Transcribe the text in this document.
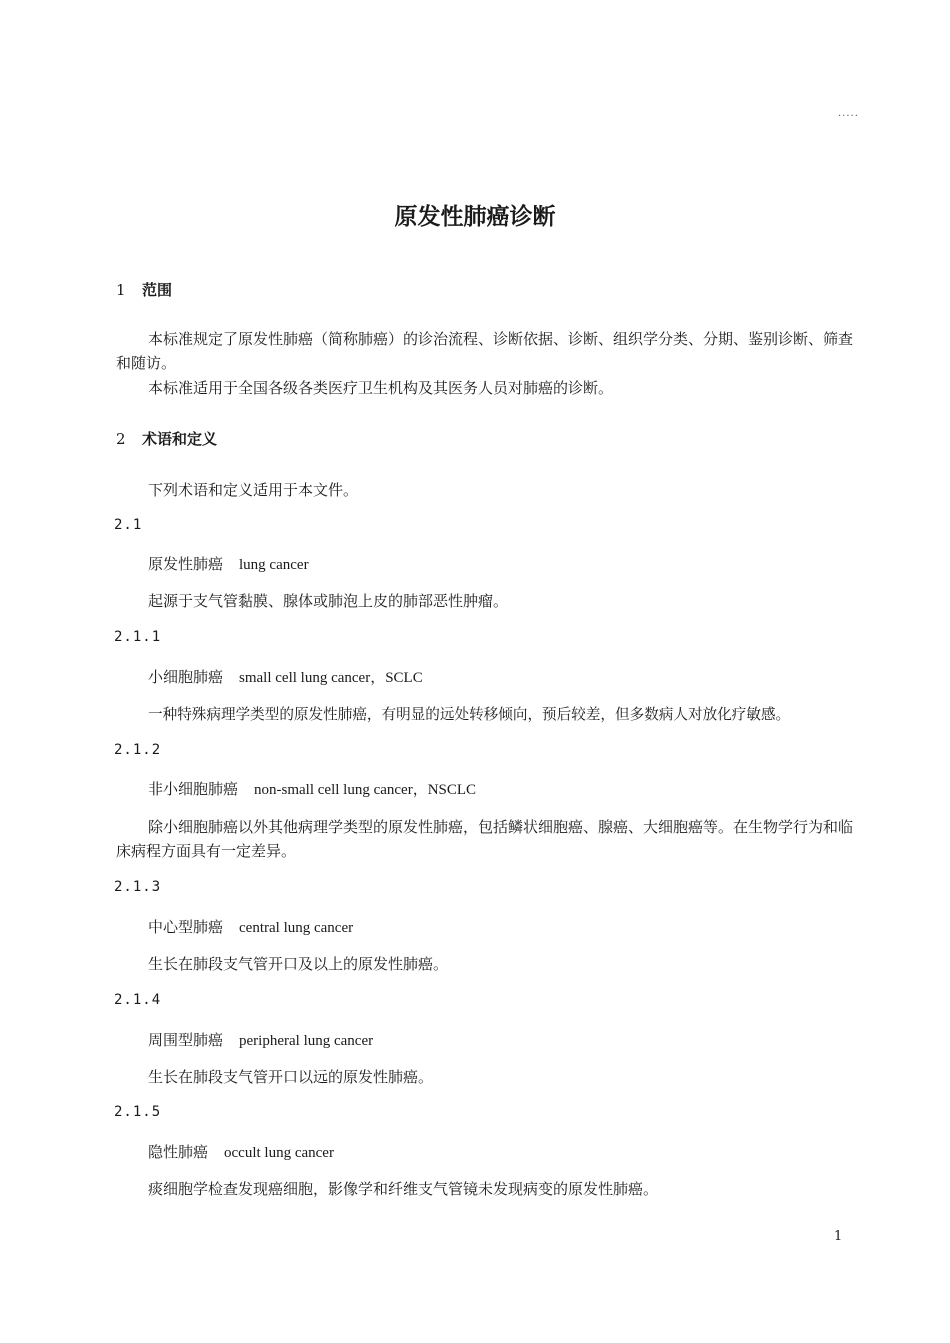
.....
原发性肺癌诊断
1 范围
本标准规定了原发性肺癌（简称肺癌）的诊治流程、诊断依据、诊断、组织学分类、分期、鉴别诊断、筛查和随访。
本标准适用于全国各级各类医疗卫生机构及其医务人员对肺癌的诊断。
2 术语和定义
下列术语和定义适用于本文件。
2.1
原发性肺癌 lung cancer
起源于支气管黏膜、腺体或肺泡上皮的肺部恶性肿瘤。
2.1.1
小细胞肺癌 small cell lung cancer，SCLC
一种特殊病理学类型的原发性肺癌，有明显的远处转移倾向，预后较差，但多数病人对放化疗敏感。
2.1.2
非小细胞肺癌 non-small cell lung cancer，NSCLC
除小细胞肺癌以外其他病理学类型的原发性肺癌，包括鳞状细胞癌、腺癌、大细胞癌等。在生物学行为和临床病程方面具有一定差异。
2.1.3
中心型肺癌 central lung cancer
生长在肺段支气管开口及以上的原发性肺癌。
2.1.4
周围型肺癌 peripheral lung cancer
生长在肺段支气管开口以远的原发性肺癌。
2.1.5
隐性肺癌 occult lung cancer
痰细胞学检查发现癌细胞，影像学和纤维支气管镜未发现病变的原发性肺癌。
1
